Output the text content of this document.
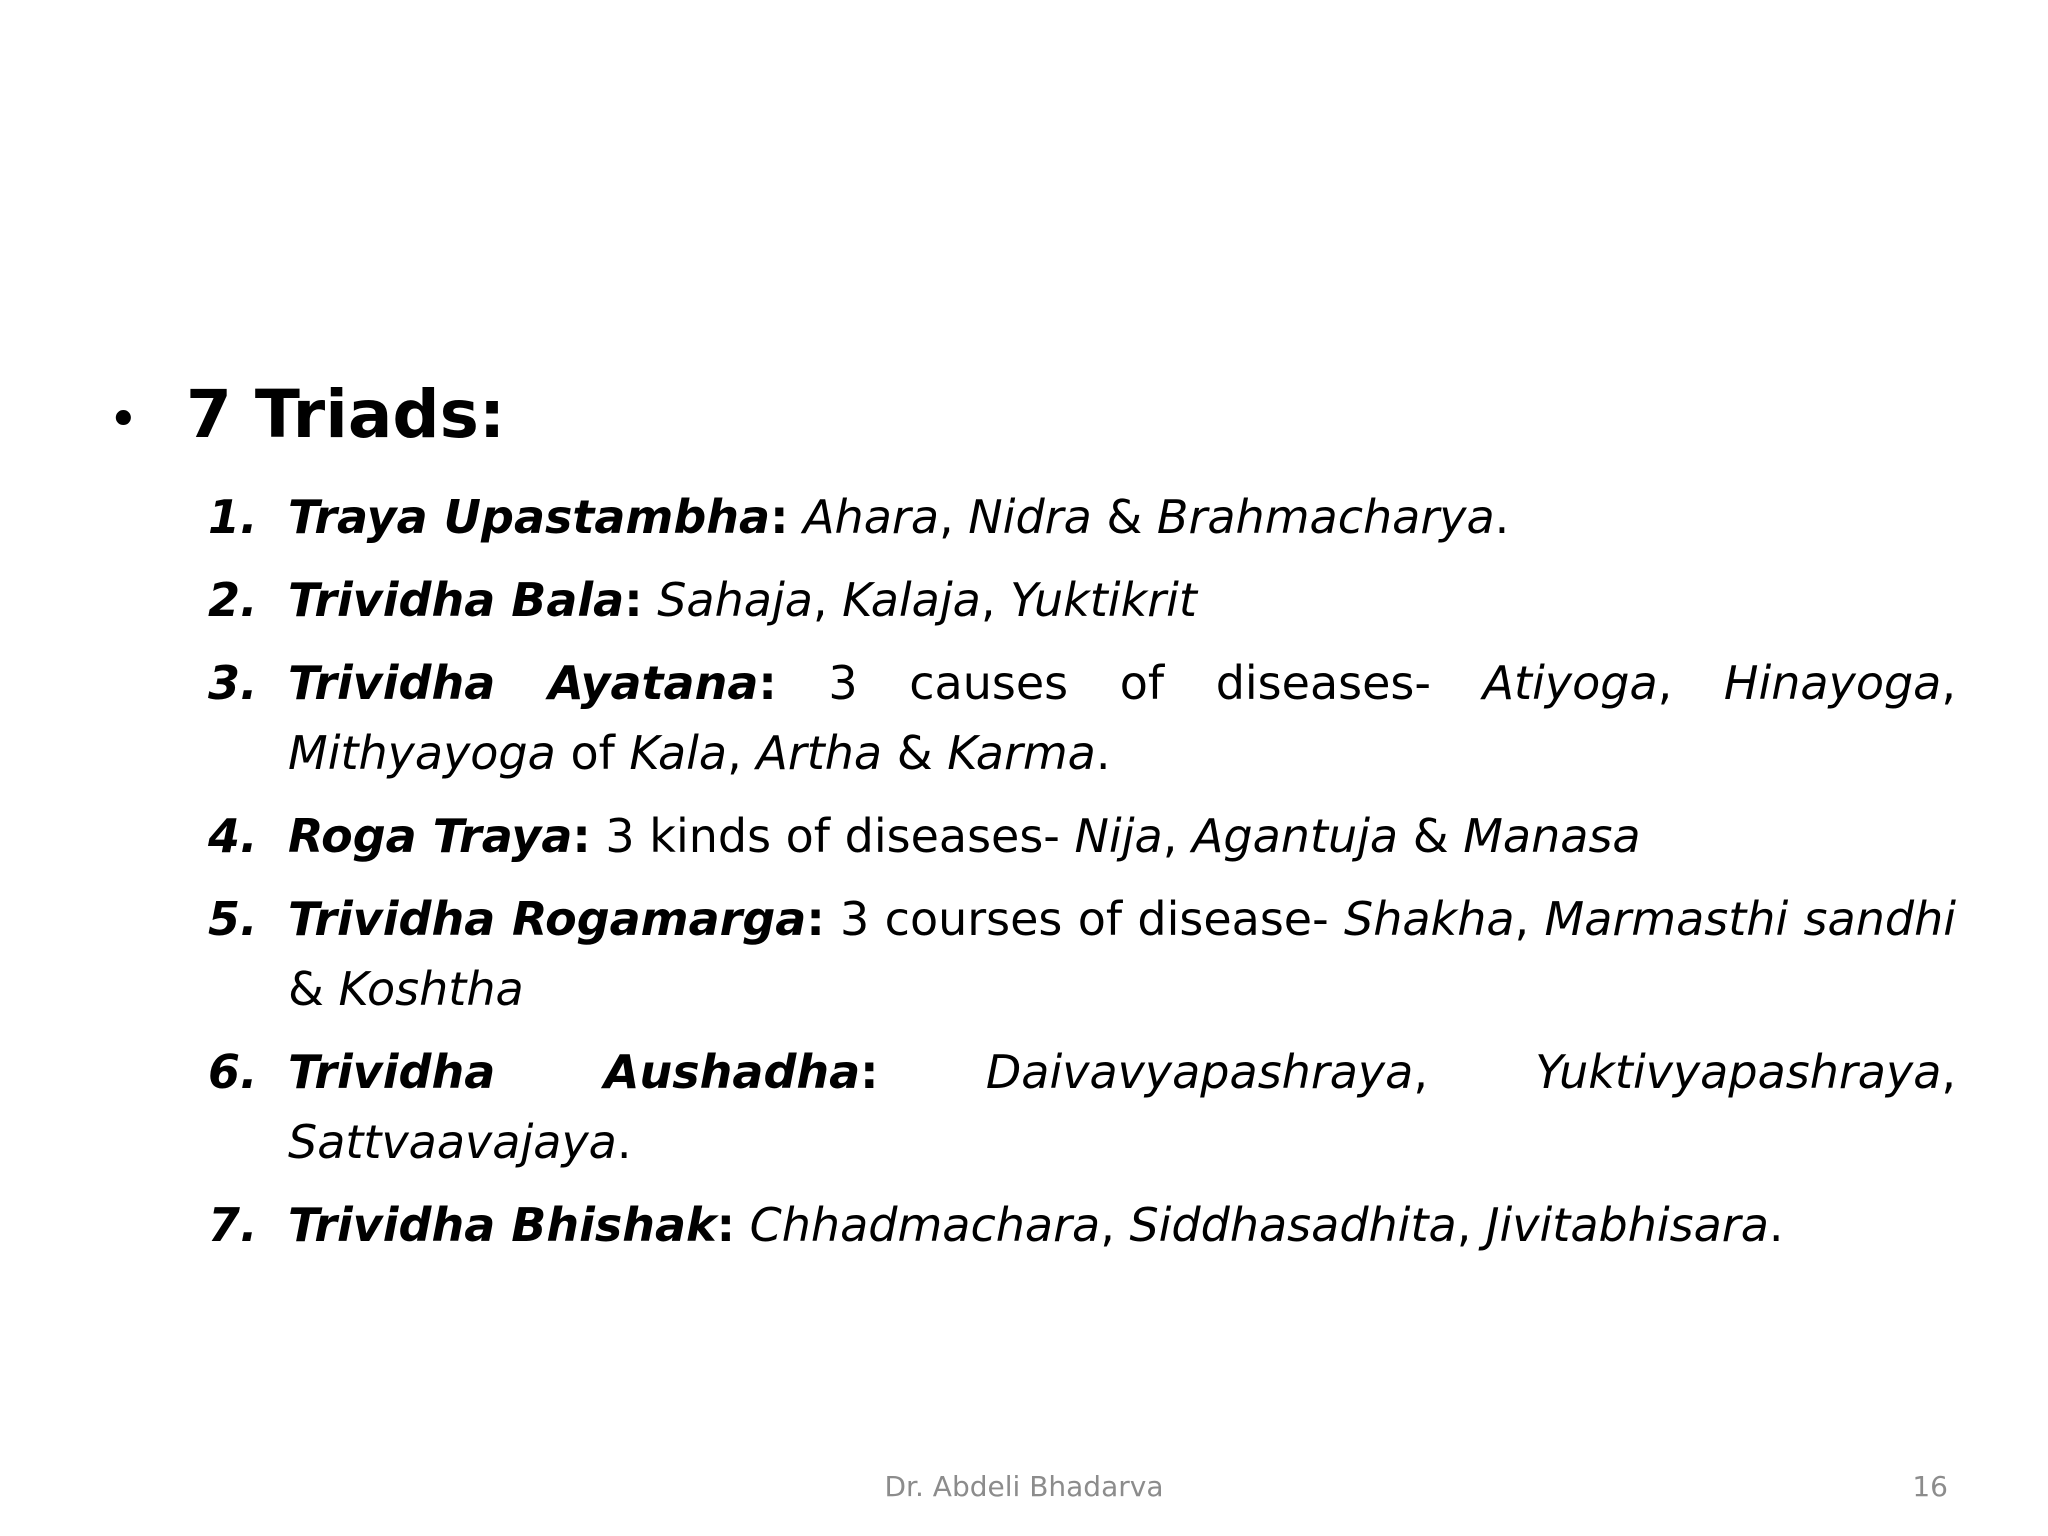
• 7 Triads:
1. Traya Upastambha: Ahara, Nidra & Brahmacharya.
2. Trividha Bala: Sahaja, Kalaja, Yuktikrit
3. Trividha Ayatana: 3 causes of diseases- Atiyoga, Hinayoga, Mithyayoga of Kala, Artha & Karma.
4. Roga Traya: 3 kinds of diseases- Nija, Agantuja & Manasa
5. Trividha Rogamarga: 3 courses of disease- Shakha, Marmasthi sandhi & Koshtha
6. Trividha Aushadha: Daivavyapashraya, Yuktivyapashraya, Sattvaavajaya.
7. Trividha Bhishak: Chhadmachara, Siddhasadhita, Jivitabhisara.
Dr. Abdeli Bhadarva	16
